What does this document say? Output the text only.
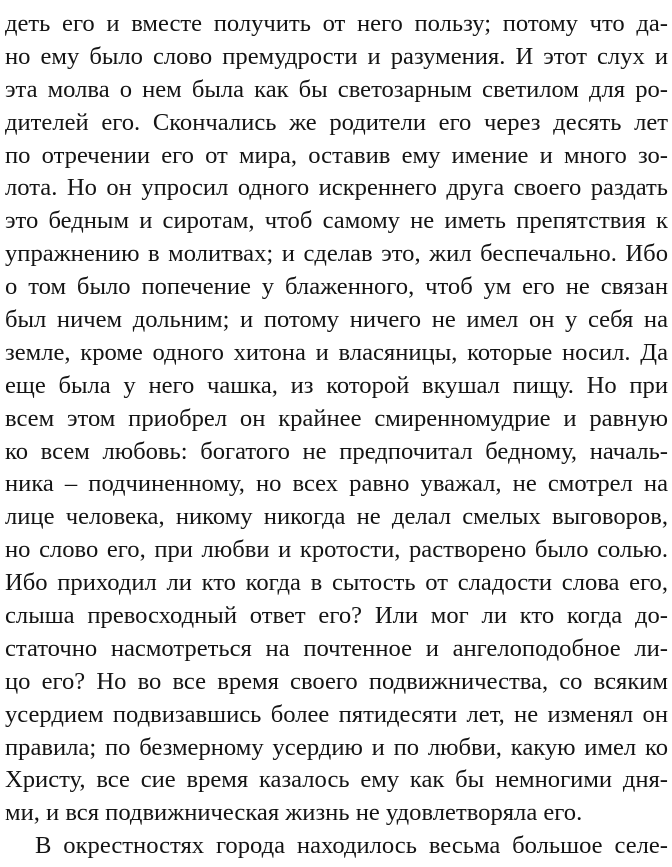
деть его и вместе получить от него пользу; потому что да-
но ему было слово премудрости и разумения. И этот слух и
эта молва о нем была как бы светозарным светилом для ро-
дителей его. Скончались же родители его через десять лет
по отречении его от мира, оставив ему имение и много зо-
лота. Но он упросил одного искреннего друга своего раздать
это бедным и сиротам, чтоб самому не иметь препятствия к
упражнению в молитвах; и сделав это, жил беспечально. Ибо
о том было попечение у блаженного, чтоб ум его не связан
был ничем дольним; и потому ничего не имел он у себя на
земле, кроме одного хитона и власяницы, которые носил. Да
еще была у него чашка, из которой вкушал пищу. Но при
всем этом приобрел он крайнее смиренномудрие и равную
ко всем любовь: богатого не предпочитал бедному, началь-
ника – подчиненному, но всех равно уважал, не смотрел на
лице человека, никому никогда не делал смелых выговоров,
но слово его, при любви и кротости, растворено было солью.
Ибо приходил ли кто когда в сытость от сладости слова его,
слыша превосходный ответ его? Или мог ли кто когда до-
статочно насмотреться на почтенное и ангелоподобное ли-
цо его? Но во все время своего подвижничества, со всяким
усердием подвизавшись более пятидесяти лет, не изменял он
правила; по безмерному усердию и по любви, какую имел ко
Христу, все сие время казалось ему как бы немногими дня-
ми, и вся подвижническая жизнь не удовлетворяла его.
В окрестностях города находилось весьма большое селе-
